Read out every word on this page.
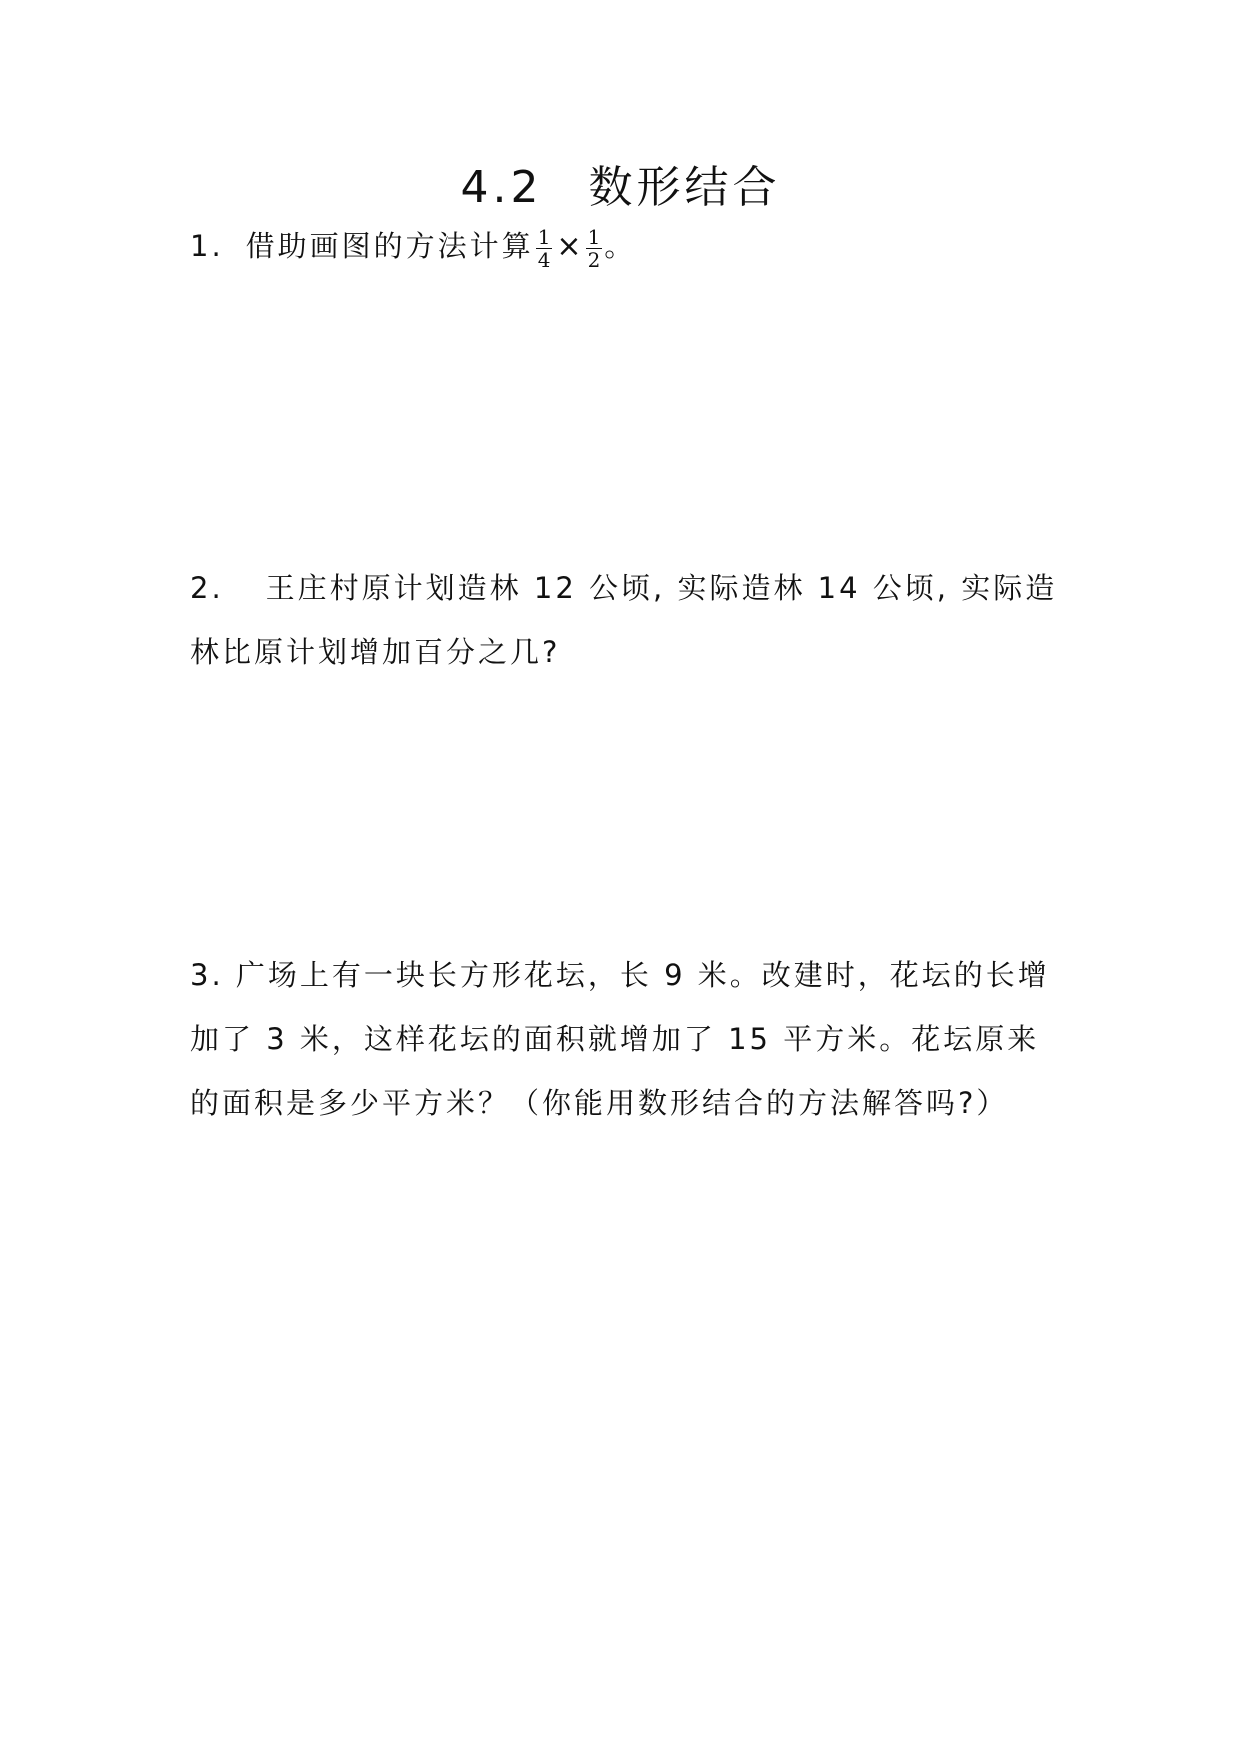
4.2 数形结合
1. 借助画图的方法计算 $\frac{1}{4} \times \frac{1}{2}$ 。
2. 王庄村原计划造林 12 公顷, 实际造林 14 公顷, 实际造林比原计划增加百分之几?
3. 广场上有一块长方形花坛，长 9 米。改建时，花坛的长增加了 3 米，这样花坛的面积就增加了 15 平方米。花坛原来的面积是多少平方米？（你能用数形结合的方法解答吗?）
